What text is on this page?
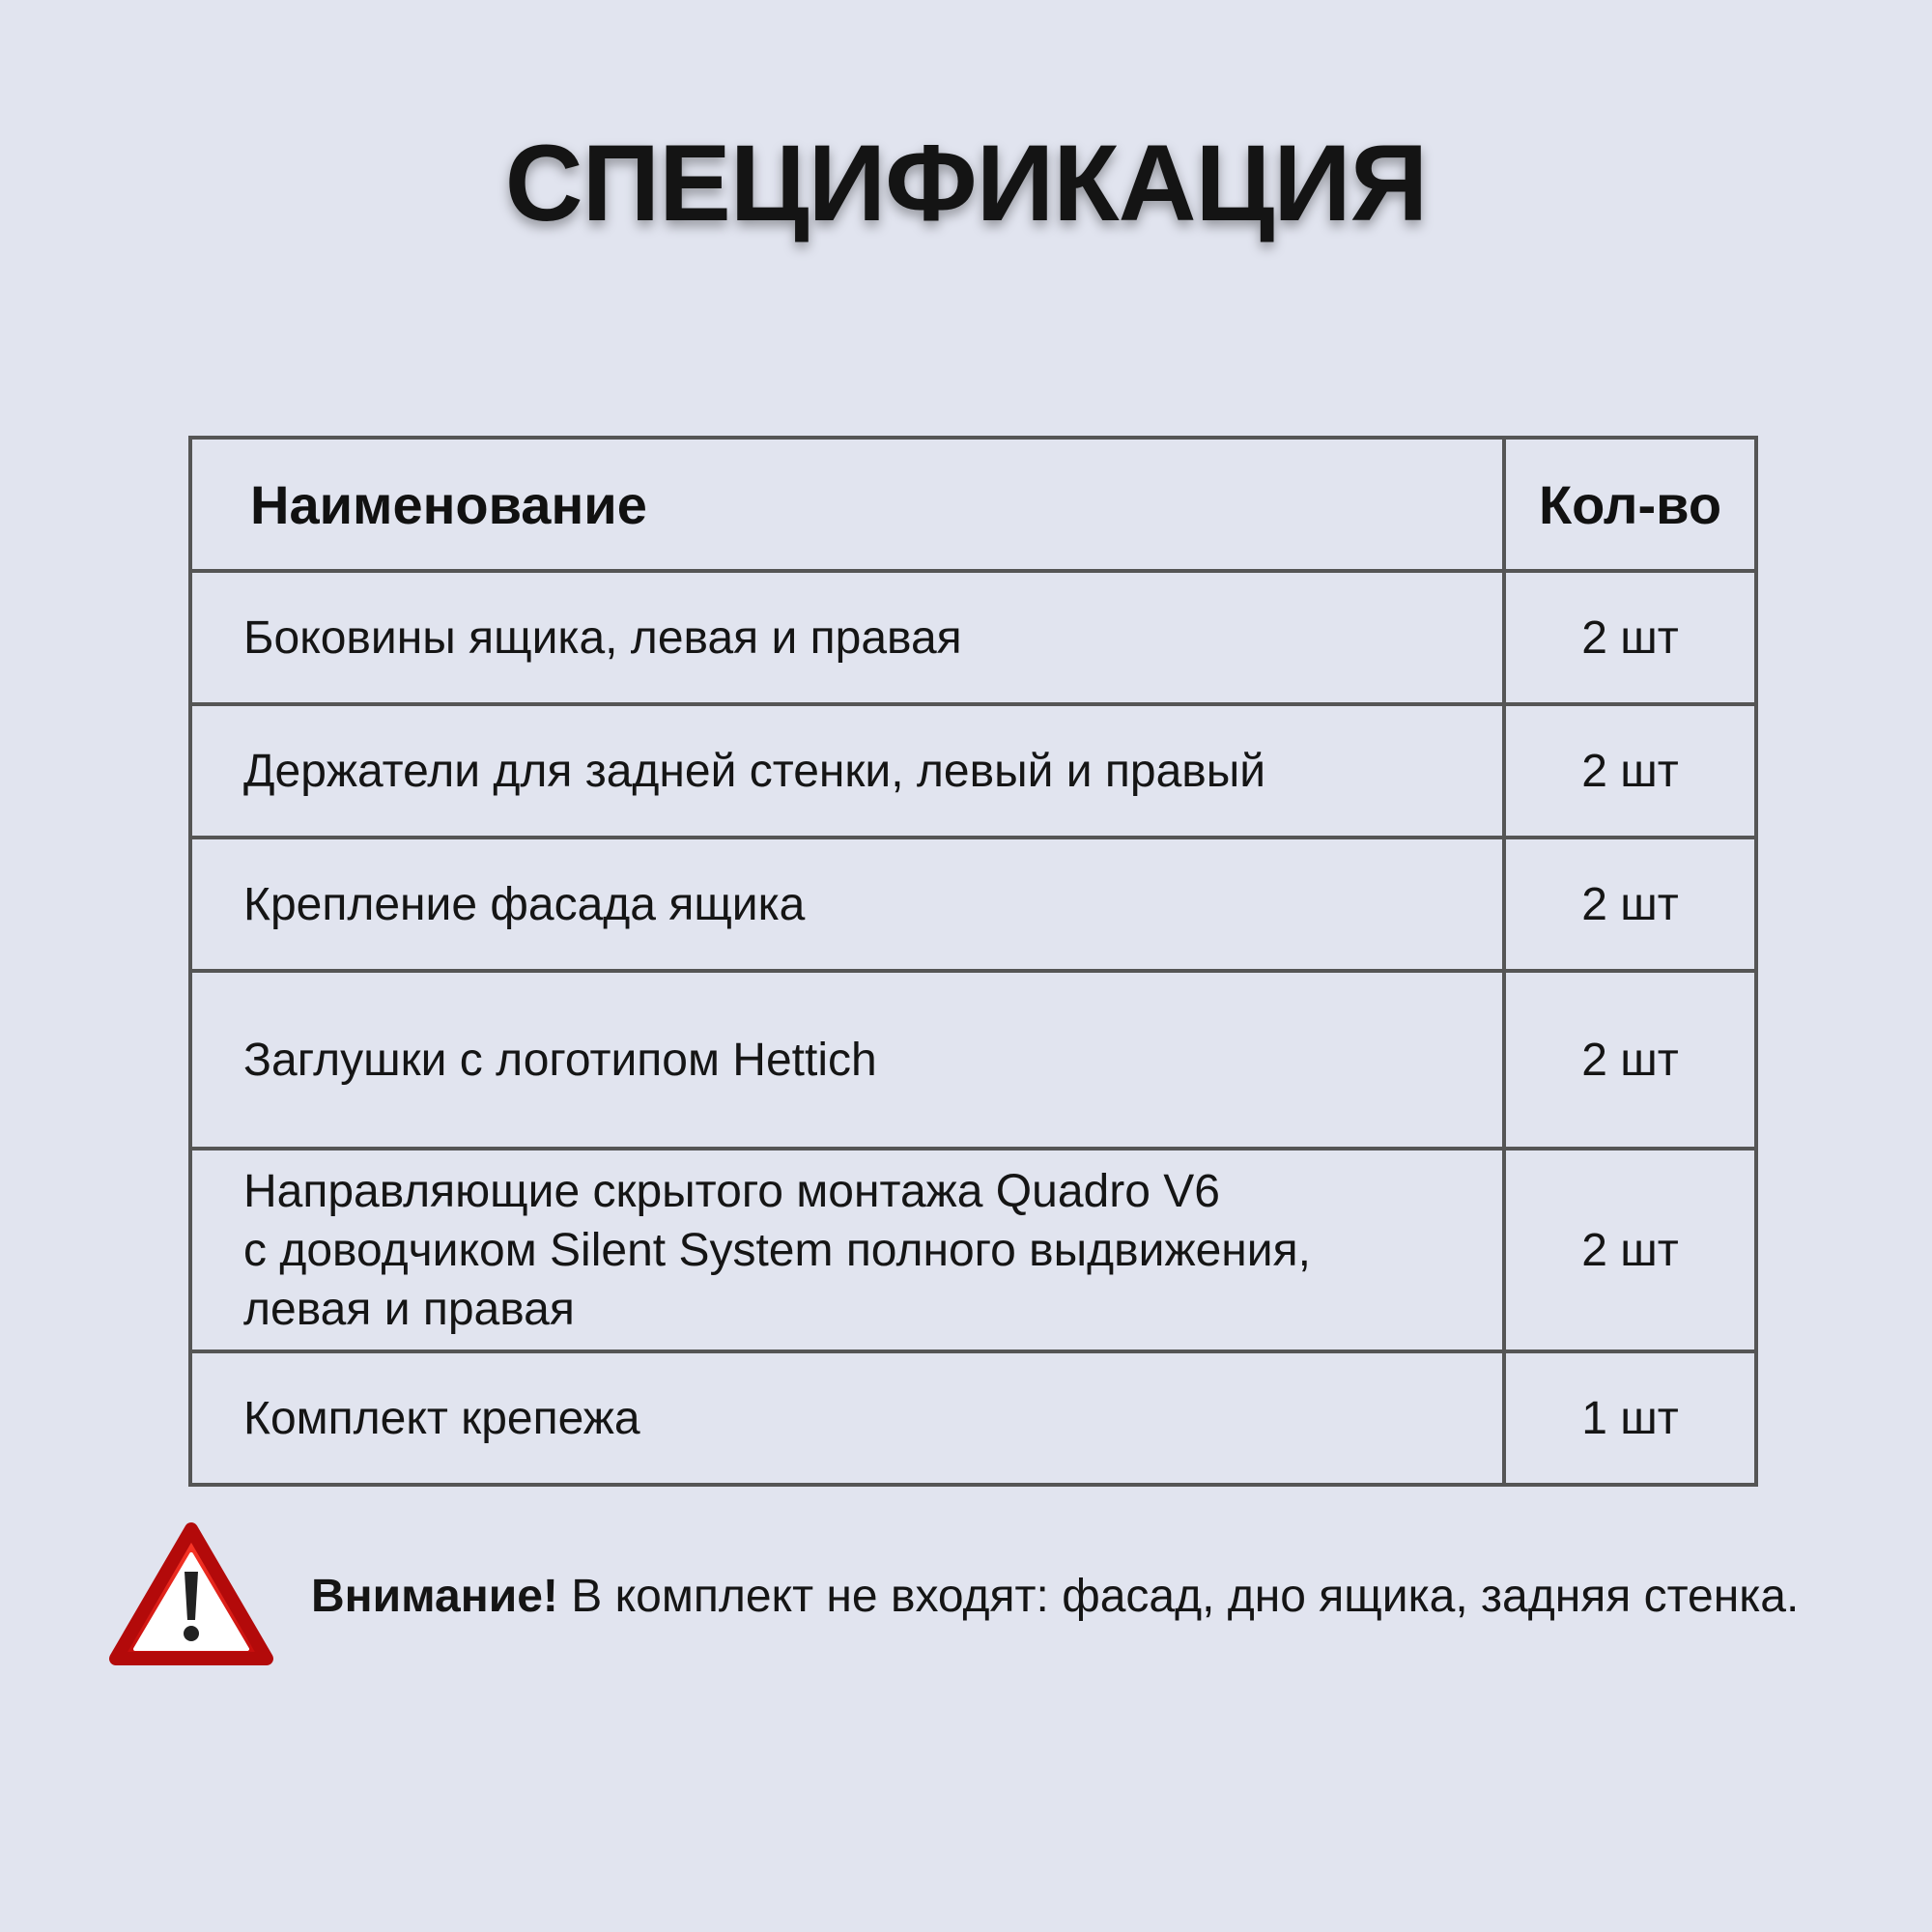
СПЕЦИФИКАЦИЯ
Наименование	Кол-во
Боковины ящика, левая и правая	2 шт
Держатели для задней стенки, левый и правый	2 шт
Крепление фасада ящика	2 шт
Заглушки с логотипом Hettich	2 шт

Направляющие скрытого монтажа Quadro V6
с доводчиком Silent System полного выдвижения,
левая и правая	2 шт
Комплект крепежа	1 шт
Внимание! В комплект не входят: фасад, дно ящика, задняя стенка.
